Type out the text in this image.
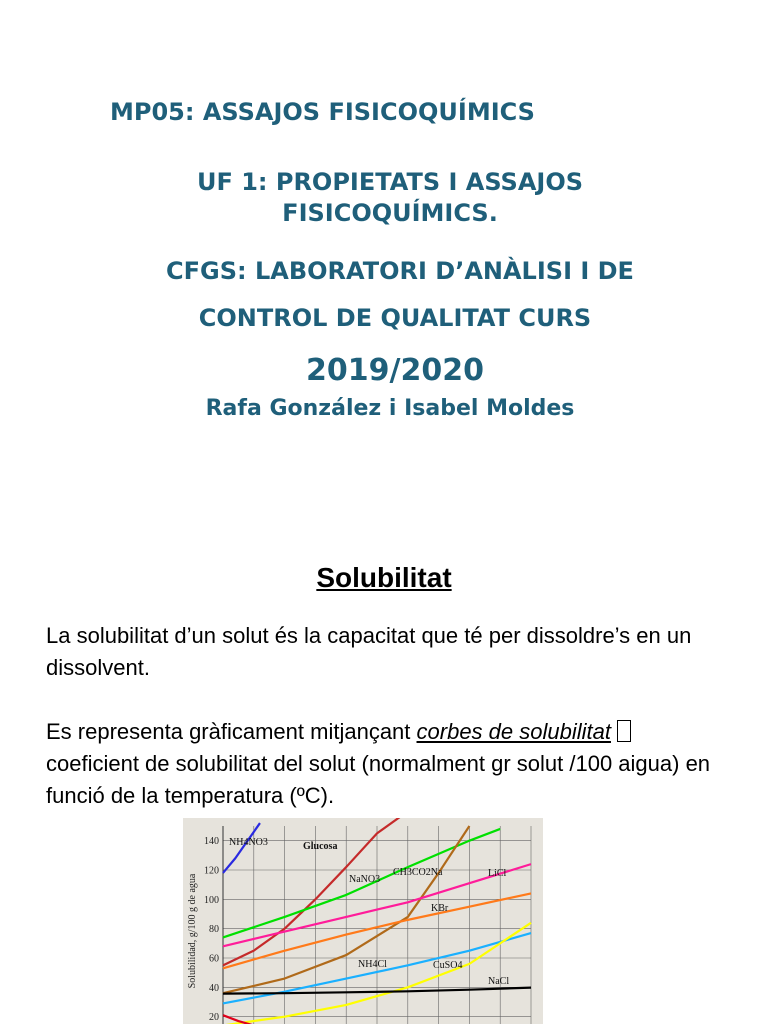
MP05: ASSAJOS FISICOQUÍMICS
UF 1: PROPIETATS I ASSAJOS FISICOQUÍMICS.
CFGS: LABORATORI D’ANÀLISI I DE
CONTROL DE QUALITAT CURS
2019/2020
Rafa González i Isabel Moldes
Solubilitat

La solubilitat d’un solut és la capacitat que té per dissoldre’s en un dissolvent.

Es representa gràficament mitjançant corbes de solubilitat coeficient de solubilitat del solut (normalment gr solut /100 aigua) en funció de la temperatura (ºC).

Solubilidad, g/100 g de agua
20
40
60
80
100
120
140 NH4NO3	Glucosa
NaNO3
CH3CO2Na	LiCl
KBr
NH4Cl	CuSO4
NaCl
